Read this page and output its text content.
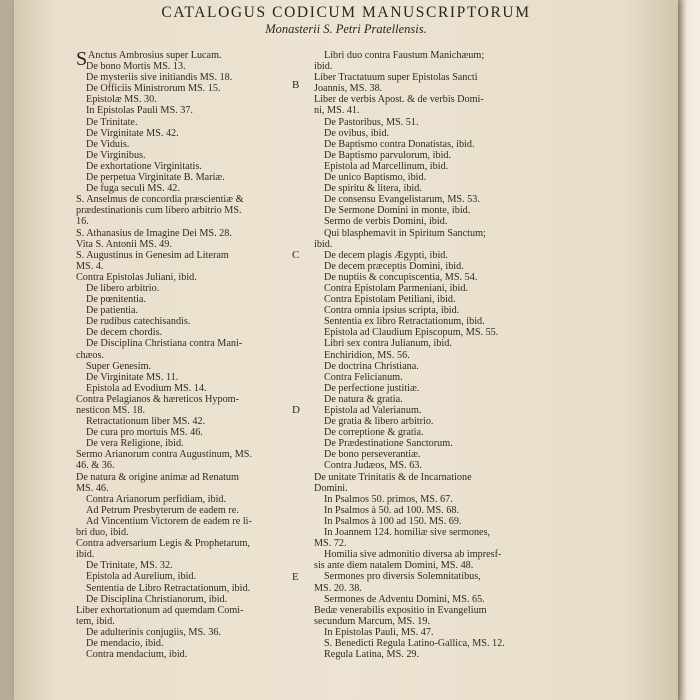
CATALOGUS CODICUM MANUSCRIPTORUM
Monasterii S. Petri Pratellensis.
S Anctus Ambrosius super Lucam.
De bono Mortis MS. 13.
De mysteriis sive initiandis MS. 18.
De Officiis Ministrorum MS. 15.
Epistolæ MS. 30.
In Epistolas Pauli MS. 37.
De Trinitate.
De Virginitate MS. 42.
De Viduis.
De Virginibus.
De exhortatione Virginitatis.
De perpetua Virginitate B. Mariæ.
De fuga seculi MS. 42.
S. Anselmus de concordia præscientiæ &
prædestinationis cum libero arbitrio MS.
16.
S. Athanasius de Imagine Dei MS. 28.
Vita S. Antonii MS. 49.
S. Augustinus in Genesim ad Literam
MS. 4.
Contra Epistolas Juliani, ibid.
De libero arbitrio.
De pœnitentia.
De patientia.
De rudibus catechisandis.
De decem chordis.
De Disciplina Christiana contra Mani-
chæos.
Super Genesim.
De Virginitate MS. 11.
Epistola ad Evodium MS. 14.
Contra Pelagianos & hæreticos Hypom-
nesticon MS. 18.
Retractationum liber MS. 42.
De cura pro mortuis MS. 46.
De vera Religione, ibid.
Sermo Arianorum contra Augustinum, MS.
46. & 36.
De natura & origine animæ ad Renatum
MS. 46.
Contra Arianorum perfidiam, ibid.
Ad Petrum Presbyterum de eadem re.
Ad Vincentium Victorem de eadem re li-
bri duo, ibid.
Contra adversarium Legis & Prophetarum,
ibid.
De Trinitate, MS. 32.
Epistola ad Aurelium, ibid.
Sententia de Libro Retractationum, ibid.
De Disciplina Christianorum, ibid.
Liber exhortationum ad quemdam Comi-
tem, ibid.
De adulterinis conjugiis, MS. 36.
De mendacio, ibid.
Contra mendacium, ibid.
Libri duo contra Faustum Manichæum;
ibid.
Liber Tractatuum super Epistolas Sancti
Joannis, MS. 38.
Liber de verbis Apost. & de verbis Domi-
ni, MS. 41.
De Pastoribus, MS. 51.
De ovibus, ibid.
De Baptismo contra Donatistas, ibid.
De Baptismo parvulorum, ibid.
Epistola ad Marcellinum, ibid.
De unico Baptismo, ibid.
De spiritu & litera, ibid.
De consensu Evangelistarum, MS. 53.
De Sermone Domini in monte, ibid.
Sermo de verbis Domini, ibid.
Qui blasphemavit in Spiritum Sanctum;
ibid.
De decem plagis Ægypti, ibid.
De decem præceptis Domini, ibid.
De nuptiis & concupiscentia, MS. 54.
Contra Epistolam Parmeniani, ibid.
Contra Epistolam Petiliani, ibid.
Contra omnia ipsius scripta, ibid.
Sententia ex libro Retractationum, ibid.
Epistola ad Claudium Episcopum, MS. 55.
Libri sex contra Julianum, ibid.
Enchiridion, MS. 56.
De doctrina Christiana.
Contra Felicianum.
De perfectione justitiæ.
De natura & gratia.
Epistola ad Valerianum.
De gratia & libero arbitrio.
De correptione & gratia.
De Prædestinatione Sanctorum.
De bono perseverantiæ.
Contra Judæos, MS. 63.
De unitate Trinitatis & de Incarnatione
Domini.
In Psalmos 50. primos, MS. 67.
In Psalmos à 50. ad 100. MS. 68.
In Psalmos à 100 ad 150. MS. 69.
In Joannem 124. homiliæ sive sermones,
MS. 72.
Homilia sive admonitio diversa ab impresf-
sis ante diem natalem Domini, MS. 48.
Sermones pro diversis Solemnitatibus,
MS. 20. 38.
Sermones de Adventu Domini, MS. 65.
Bedæ venerabilis expositio in Evangelium
secundum Marcum, MS. 19.
In Epistolas Pauli, MS. 47.
S. Benedicti Regula Latino-Gallica, MS. 12.
Regula Latina, MS. 29.
B
C
D
E
